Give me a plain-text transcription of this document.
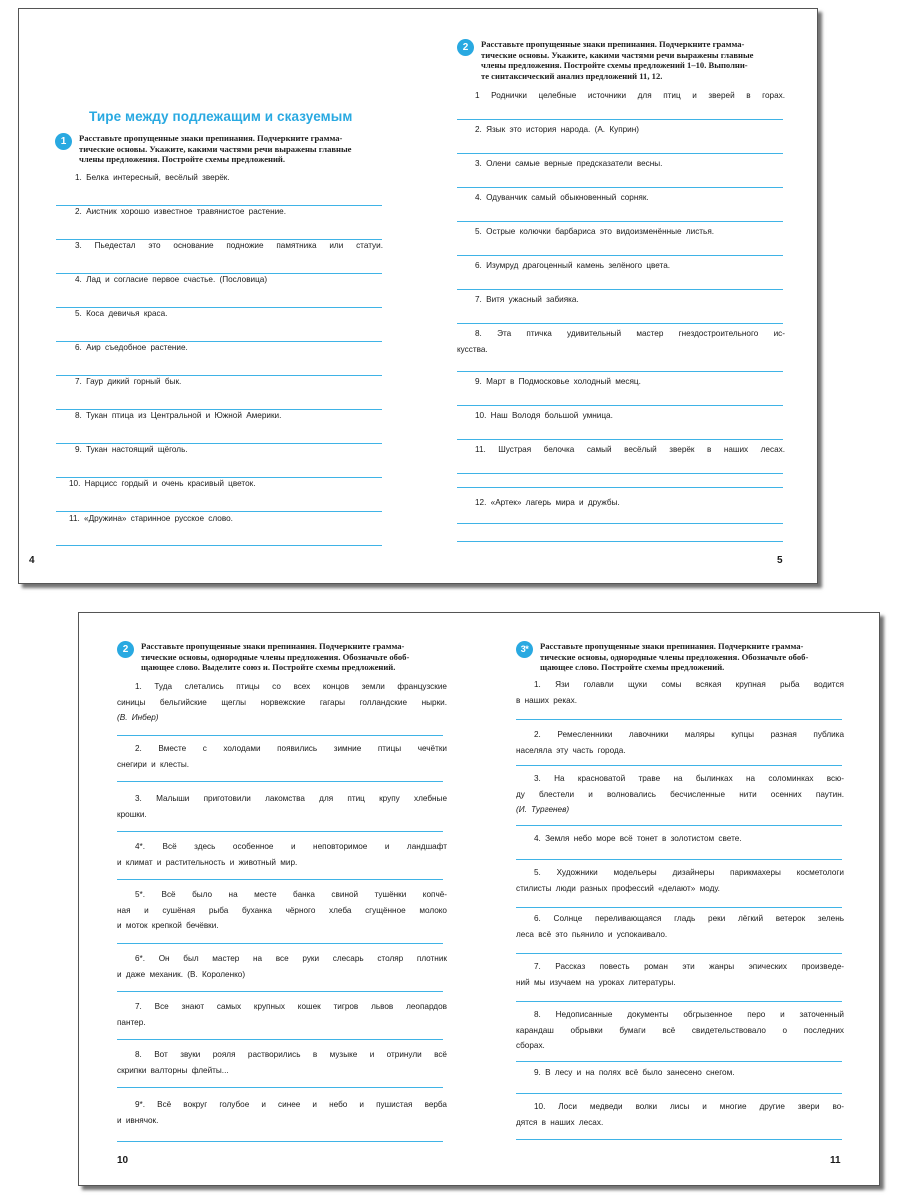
Тире между подлежащим и сказуемым
1	Расставьте пропущенные знаки препинания. Подчеркните грамма-
тические основы. Укажите, какими частями речи выражены главные
члены предложения. Постройте схемы предложений.
1. Белка интересный, весёлый зверёк.
2. Аистник хорошо известное травянистое растение.
3. Пьедестал это основание подножие памятника или статуи.
4. Лад и согласие первое счастье. (Пословица)
5. Коса девичья краса.
6. Аир съедобное растение.
7. Гаур дикий горный бык.
8. Тукан птица из Центральной и Южной Америки.
9. Тукан настоящий щёголь.
10. Нарцисс гордый и очень красивый цветок.
11. «Дружина» старинное русское слово.
4
2	Расставьте пропущенные знаки препинания. Подчеркните грамма-
тические основы. Укажите, какими частями речи выражены главные
члены предложения. Постройте схемы предложений 1–10. Выполни-
те синтаксический анализ предложений 11, 12.
1 Роднички целебные источники для птиц и зверей в горах.
2. Язык это история народа. (А. Куприн)
3. Олени самые верные предсказатели весны.
4. Одуванчик самый обыкновенный сорняк.
5. Острые колючки барбариса это видоизменённые листья.
6. Изумруд драгоценный камень зелёного цвета.
7. Витя ужасный забияка.
8. Эта птичка удивительный мастер гнездостроительного ис-
кусства.
9. Март в Подмосковье холодный месяц.
10. Наш Володя большой умница.
11. Шустрая белочка самый весёлый зверёк в наших лесах.
12. «Артек» лагерь мира и дружбы.
5
2	Расставьте пропущенные знаки препинания. Подчеркните грамма-
тические основы, однородные члены предложения. Обозначьте обоб-
щающее слово. Выделите союз и. Постройте схемы предложений.
1. Туда слетались птицы со всех концов земли французские
синицы бельгийские щеглы норвежские гагары голландские нырки.
(В. Инбер)
2. Вместе с холодами появились зимние птицы чечётки
снегири и клесты.
3. Малыши приготовили лакомства для птиц крупу хлебные
крошки.
4*. Всё здесь особенное и неповторимое и ландшафт
и климат и растительность и животный мир.
5*. Всё было на месте банка свиной тушёнки копчё-
ная и сушёная рыба буханка чёрного хлеба сгущённое молоко
и моток крепкой бечёвки.
6*. Он был мастер на все руки слесарь столяр плотник
и даже механик. (В. Короленко)
7. Все знают самых крупных кошек тигров львов леопардов
пантер.
8. Вот звуки рояля растворились в музыке и отринули всё
скрипки валторны флейты...
9*. Всё вокруг голубое и синее и небо и пушистая верба
и ивнячок.
10
3*	Расставьте пропущенные знаки препинания. Подчеркните грамма-
тические основы, однородные члены предложения. Обозначьте обоб-
щающее слово. Постройте схемы предложений.
1. Язи голавли щуки сомы всякая крупная рыба водится
в наших реках.
2. Ремесленники лавочники маляры купцы разная публика
населяла эту часть города.
3. На красноватой траве на былинках на соломинках всю-
ду блестели и волновались бесчисленные нити осенних паутин.
(И. Тургенев)
4. Земля небо море всё тонет в золотистом свете.
5. Художники модельеры дизайнеры парикмахеры косметологи
стилисты люди разных профессий «делают» моду.
6. Солнце переливающаяся гладь реки лёгкий ветерок зелень
леса всё это пьянило и успокаивало.
7. Рассказ повесть роман эти жанры эпических произведе-
ний мы изучаем на уроках литературы.
8. Недописанные документы обгрызенное перо и заточенный
карандаш обрывки бумаги всё свидетельствовало о последних
сборах.
9. В лесу и на полях всё было занесено снегом.
10. Лоси медведи волки лисы и многие другие звери во-
дятся в наших лесах.
11
